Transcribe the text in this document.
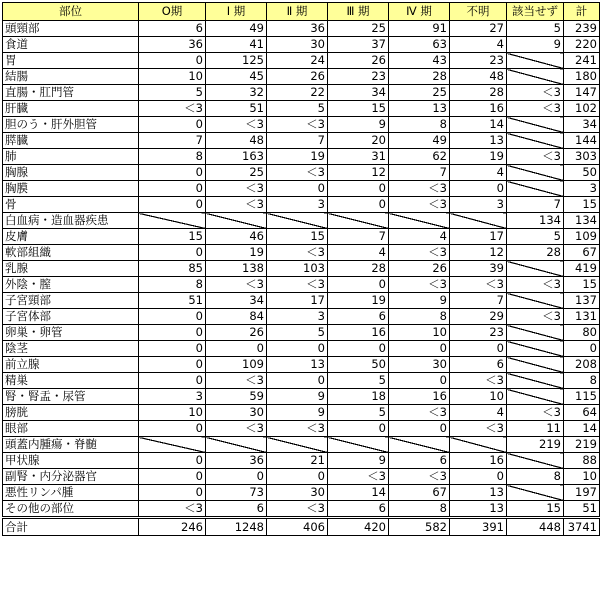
部位	O期	Ⅰ 期	Ⅱ 期	Ⅲ 期	Ⅳ 期	不明	該当せず	計
頭頸部	6	49	36	25	91	27	5	239
食道	36	41	30	37	63	4	9	220
胃	0	125	24	26	43	23		241
結腸	10	45	26	23	28	48		180
直腸・肛門管	5	32	22	34	25	28	＜3	147
肝臓	＜3	51	5	15	13	16	＜3	102
胆のう・肝外胆管	0	＜3	＜3	9	8	14		34
膵臓	7	48	7	20	49	13		144
肺	8	163	19	31	62	19	＜3	303
胸腺	0	25	＜3	12	7	4		50
胸膜	0	＜3	0	0	＜3	0		3
骨	0	＜3	3	0	＜3	3	7	15
白血病・造血器疾患							134	134
皮膚	15	46	15	7	4	17	5	109
軟部組織	0	19	＜3	4	＜3	12	28	67
乳腺	85	138	103	28	26	39		419
外陰・膣	8	＜3	＜3	0	＜3	＜3	＜3	15
子宮頸部	51	34	17	19	9	7		137
子宮体部	0	84	3	6	8	29	＜3	131
卵巣・卵管	0	26	5	16	10	23		80
陰茎	0	0	0	0	0	0		0
前立腺	0	109	13	50	30	6		208
精巣	0	＜3	0	5	0	＜3		8
腎・腎盂・尿管	3	59	9	18	16	10		115
膀胱	10	30	9	5	＜3	4	＜3	64
眼部	0	＜3	＜3	0	0	＜3	11	14
頭蓋内腫瘍・脊髄							219	219
甲状腺	0	36	21	9	6	16		88
副腎・内分泌器官	0	0	0	＜3	＜3	0	8	10
悪性リンパ腫	0	73	30	14	67	13		197
その他の部位	＜3	6	＜3	6	8	13	15	51
合計	246	1248	406	420	582	391	448	3741
